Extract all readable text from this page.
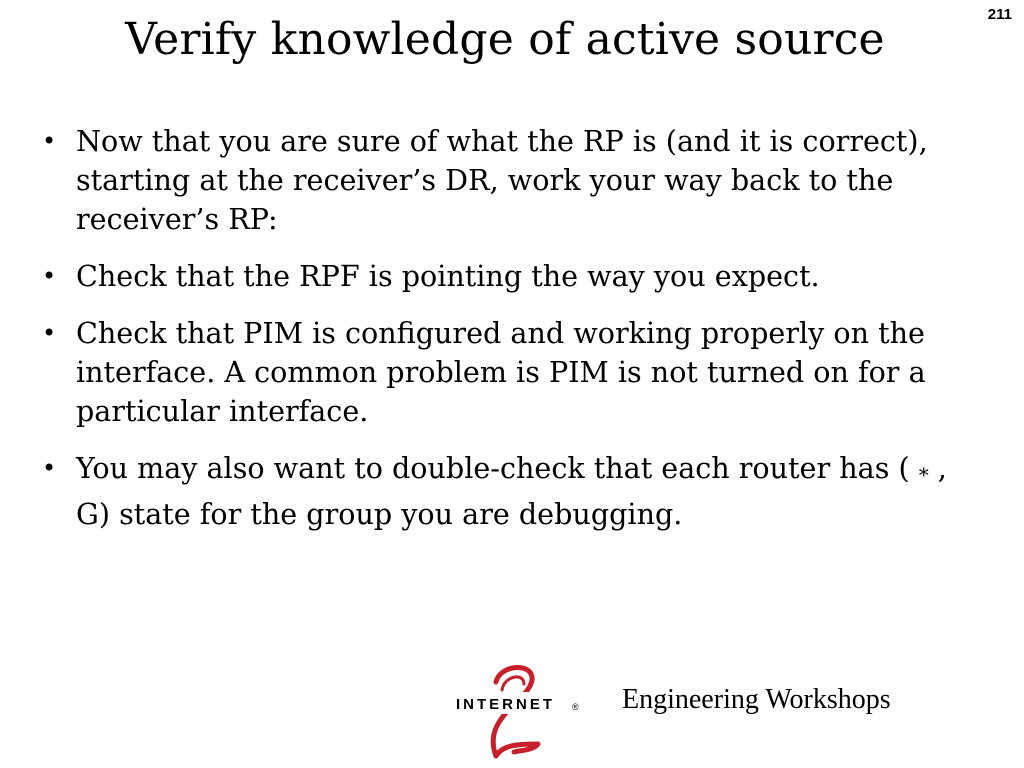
211
Verify knowledge of active source
• Now that you are sure of what the RP is (and it is correct), starting at the receiver’s DR, work your way back to the receiver’s RP:
• Check that the RPF is pointing the way you expect.
• Check that PIM is configured and working properly on the interface. A common problem is PIM is not turned on for a particular interface.
• You may also want to double-check that each router has ( * , G) state for the group you are debugging.
INTERNET ® Engineering Workshops
